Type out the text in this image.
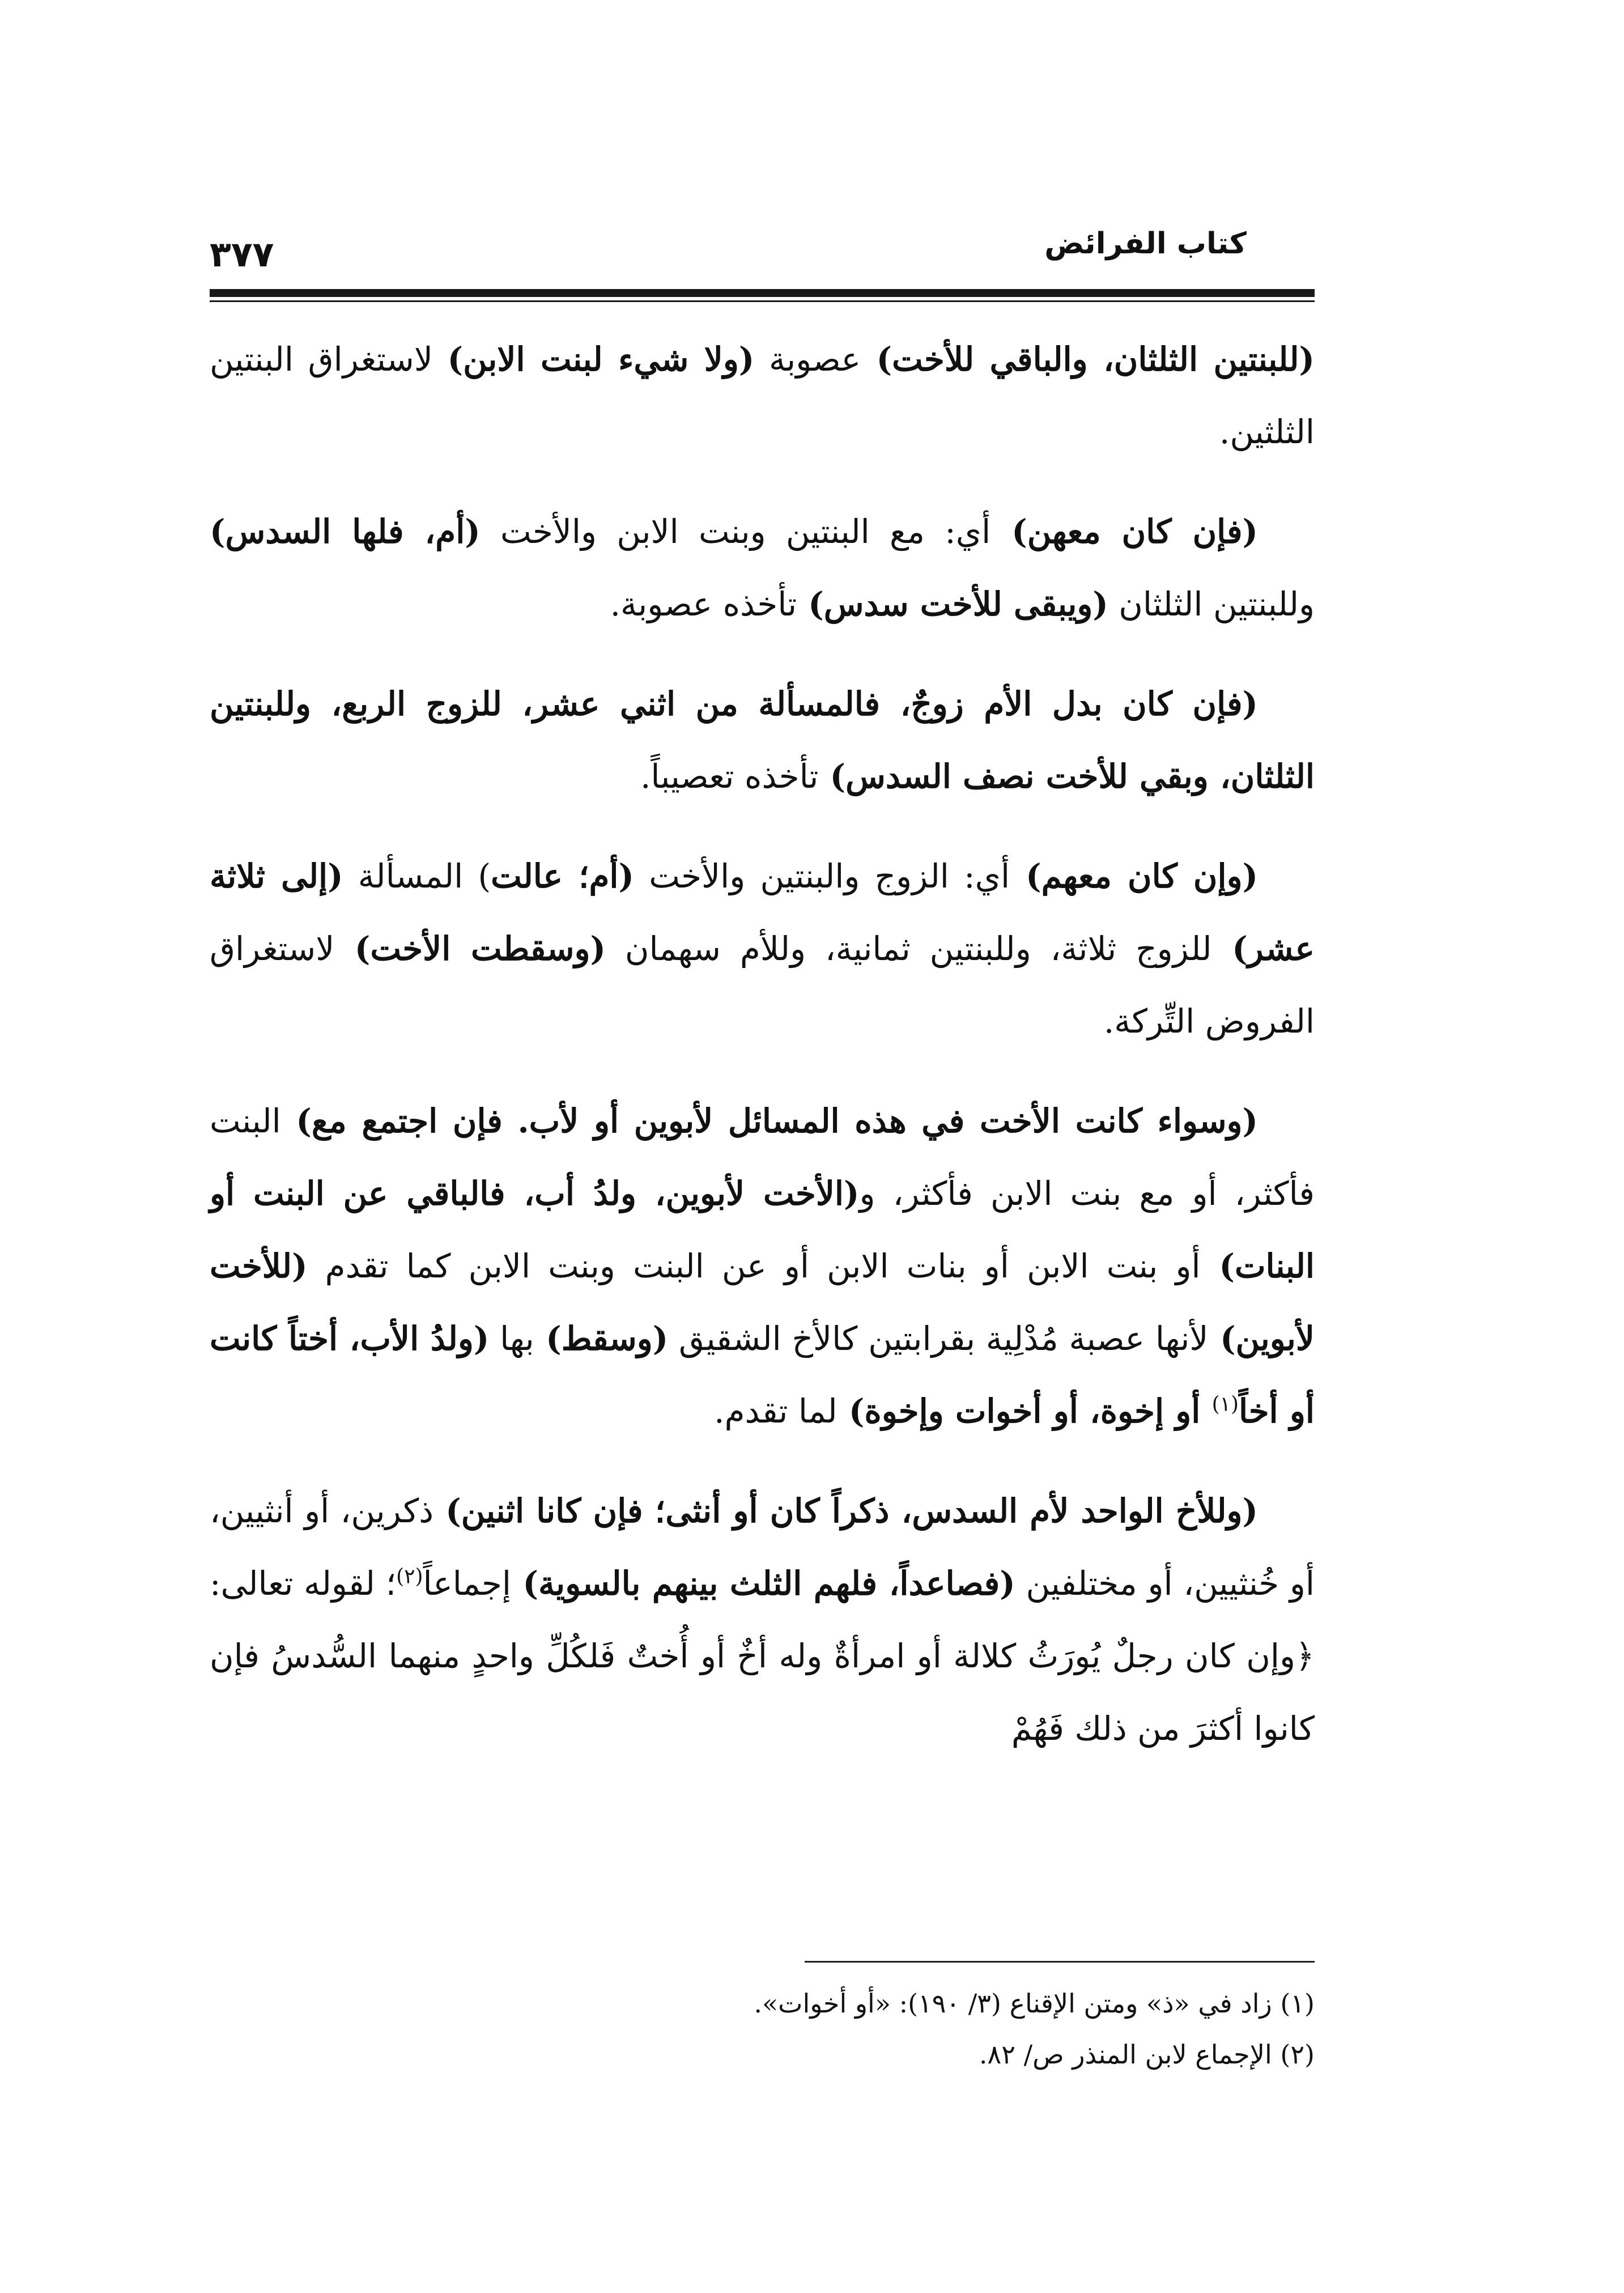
كتاب الفرائض
٣٧٧

(للبنتين الثلثان، والباقي للأخت) عصوبة (ولا شيء لبنت الابن) لاستغراق البنتين الثلثين.

(فإن كان معهن) أي: مع البنتين وبنت الابن والأخت (أم، فلها السدس) وللبنتين الثلثان (ويبقى للأخت سدس) تأخذه عصوبة.

(فإن كان بدل الأم زوجٌ، فالمسألة من اثني عشر، للزوج الربع، وللبنتين الثلثان، وبقي للأخت نصف السدس) تأخذه تعصيباً.

(وإن كان معهم) أي: الزوج والبنتين والأخت (أم؛ عالت) المسألة (إلى ثلاثة عشر) للزوج ثلاثة، وللبنتين ثمانية، وللأم سهمان (وسقطت الأخت) لاستغراق الفروض التِّركة.

(وسواء كانت الأخت في هذه المسائل لأبوين أو لأب. فإن اجتمع مع) البنت فأكثر، أو مع بنت الابن فأكثر، و(الأخت لأبوين، ولدُ أب، فالباقي عن البنت أو البنات) أو بنت الابن أو بنات الابن أو عن البنت وبنت الابن كما تقدم (للأخت لأبوين) لأنها عصبة مُدْلِية بقرابتين كالأخ الشقيق (وسقط) بها (ولدُ الأب، أختاً كانت أو أخاً$^{(١)}$ أو إخوة، أو أخوات وإخوة) لما تقدم.

(وللأخ الواحد لأم السدس، ذكراً كان أو أنثى؛ فإن كانا اثنين) ذكرين، أو أنثيين، أو خُنثيين، أو مختلفين (فصاعداً، فلهم الثلث بينهم بالسوية) إجماعاً$^{(٢)}$؛ لقوله تعالى: ﴿وإن كان رجلٌ يُورَثُ كلالة أو امرأةٌ وله أخٌ أو أُختٌ فَلكُلِّ واحدٍ منهما السُّدسُ فإن كانوا أكثرَ من ذلك فَهُمْ

(١) زاد في «ذ» ومتن الإقناع (٣/ ١٩٠): «أو أخوات».
(٢) الإجماع لابن المنذر ص/ ٨٢.
